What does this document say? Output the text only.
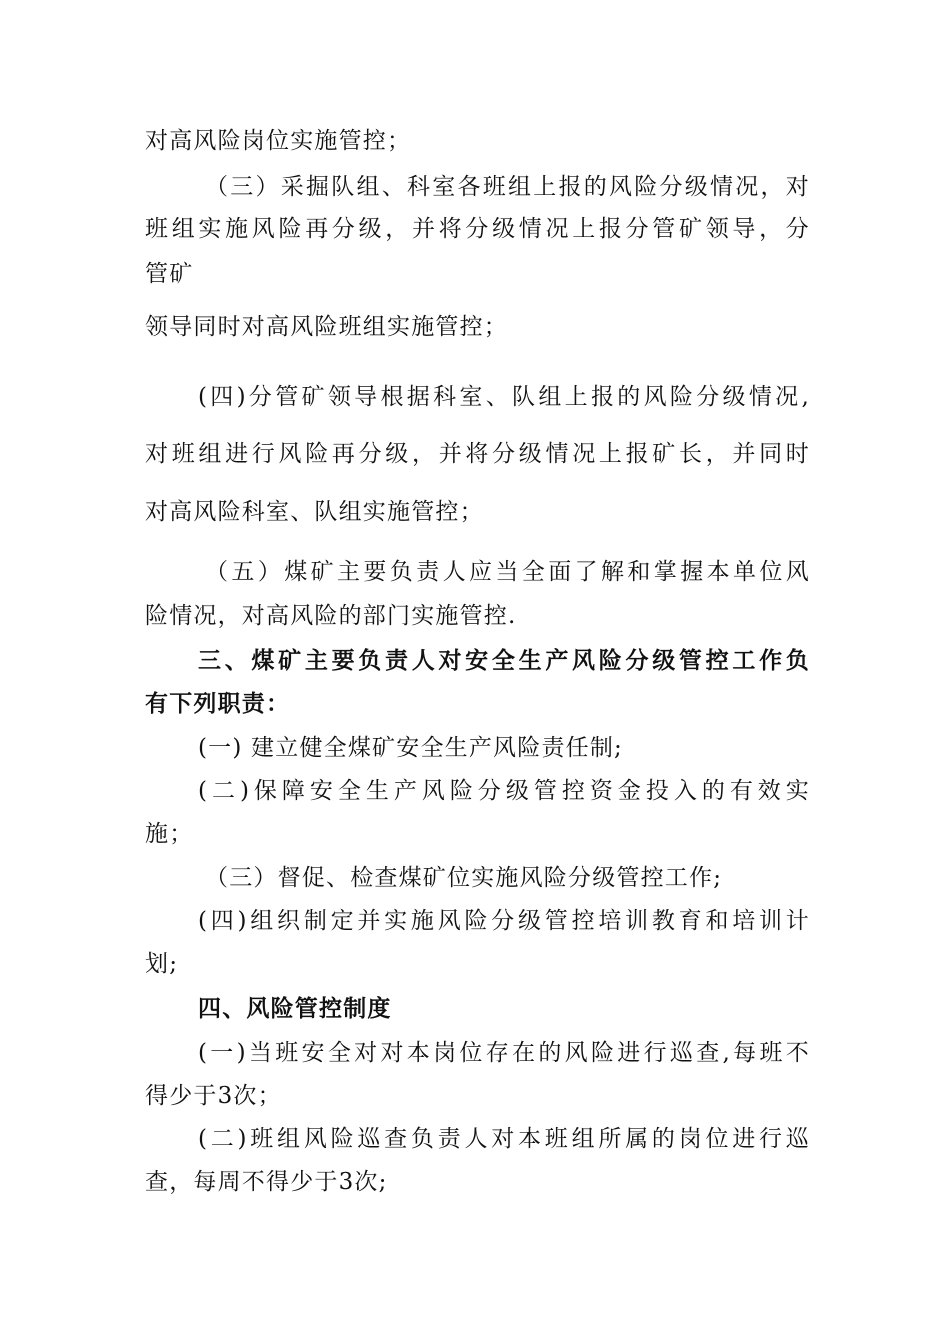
对高风险岗位实施管控；
（三）采掘队组、科室各班组上报的风险分级情况，对
班组实施风险再分级，并将分级情况上报分管矿领导，分
管矿
领导同时对高风险班组实施管控；
(四)分管矿领导根据科室、队组上报的风险分级情况,
对班组进行风险再分级，并将分级情况上报矿长，并同时
对高风险科室、队组实施管控；
（五）煤矿主要负责人应当全面了解和掌握本单位风
险情况，对高风险的部门实施管控.
三、煤矿主要负责人对安全生产风险分级管控工作负
有下列职责：
(一) 建立健全煤矿安全生产风险责任制;
(二)保障安全生产风险分级管控资金投入的有效实
施；
（三）督促、检查煤矿位实施风险分级管控工作;
(四)组织制定并实施风险分级管控培训教育和培训计
划;
四、风险管控制度
(一)当班安全对对本岗位存在的风险进行巡查,每班不
得少于3次；
(二)班组风险巡查负责人对本班组所属的岗位进行巡
查，每周不得少于3次;
